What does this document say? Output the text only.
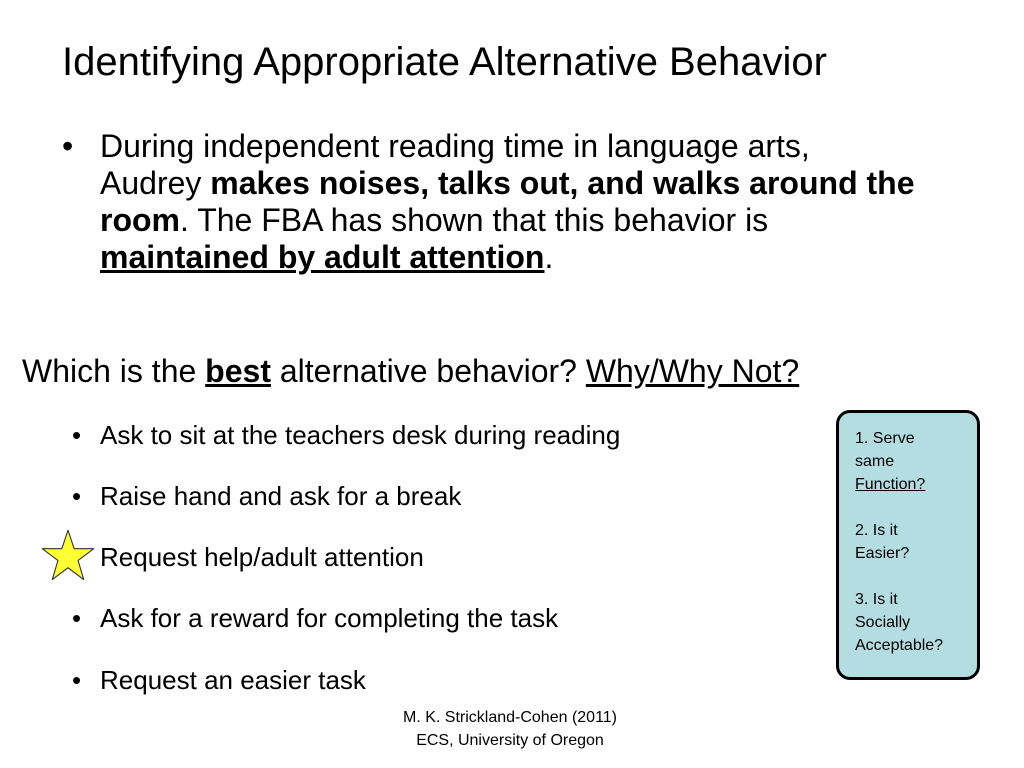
Identifying Appropriate Alternative Behavior
• During independent reading time in language arts, Audrey makes noises, talks out, and walks around the room. The FBA has shown that this behavior is maintained by adult attention.
Which is the best alternative behavior? Why/Why Not?
• Ask to sit at the teachers desk during reading
• Raise hand and ask for a break
Request help/adult attention
• Ask for a reward for completing the task
• Request an easier task

1. Serve

same

Function?

2. Is it

Easier?

3. Is it

Socially

Acceptable?

M. K. Strickland-Cohen (2011)
ECS, University of Oregon
